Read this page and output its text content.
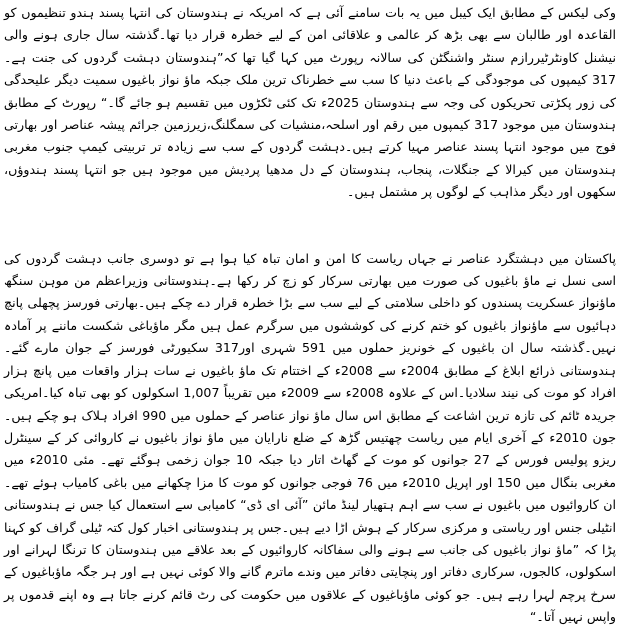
وکی لیکس کے مطابق ایک کیبل میں یہ بات سامنے آئی ہے کہ امریکہ نے ہندوستان کی انتہا پسند ہندو تنظیموں کو القاعدہ اور طالبان سے بھی بڑھ کر عالمی و علاقائی امن کے لیے خطرہ قرار دیا تھا۔گذشتہ سال جاری ہونے والی نیشنل کاونٹرٹیررازم سنٹر واشنگٹن کی سالانہ رپورٹ میں کہا گیا تھا کہ”ہندوستان دہشت گردوں کی جنت ہے۔ 317 کیمپوں کی موجودگی کے باعث دنیا کا سب سے خطرناک ترین ملک جبکہ ماؤ نواز باغیوں سمیت دیگر علیحدگی کی زور پکڑتی تحریکوں کی وجہ سے ہندوستان 2025ء تک کئی ٹکڑوں میں تقسیم ہو جائے گا۔“ رپورٹ کے مطابق ہندوستان میں موجود 317 کیمپوں میں رقم اور اسلحہ،منشیات کی سمگلنگ،زیرزمین جرائم پیشہ عناصر اور بھارتی فوج میں موجود انتہا پسند عناصر مہیا کرتے ہیں۔دہشت گردوں کے سب سے زیادہ تر تربیتی کیمپ جنوب مغربی ہندوستان میں کیرالا کے جنگلات، پنجاب، ہندوستان کے دل مدھیا پردیش میں موجود ہیں جو انتہا پسند ہندوؤں، سکھوں اور دیگر مذاہب کے لوگوں پر مشتمل ہیں۔

پاکستان میں دہشتگرد عناصر نے جہاں ریاست کا امن و امان تباہ کیا ہوا ہے تو دوسری جانب دہشت گردوں کی اسی نسل نے ماؤ باغیوں کی صورت میں بھارتی سرکار کو زچ کر رکھا ہے۔ہندوستانی وزیراعظم من موہن سنگھ ماؤنواز عسکریت پسندوں کو داخلی سلامتی کے لیے سب سے بڑا خطرہ قرار دے چکے ہیں۔بھارتی فورسز پچھلی پانچ دہائیوں سے ماؤنواز باغیوں کو ختم کرنے کی کوششوں میں سرگرم عمل ہیں مگر ماؤباغی شکست ماننے پر آمادہ نہیں۔گذشتہ سال ان باغیوں کے خونریز حملوں میں 591 شہری اور317 سکیورٹی فورسز کے جوان مارے گئے۔ ہندوستانی ذرائع ابلاغ کے مطابق 2004ء سے 2008ء کے اختتام تک ماؤ باغیوں نے سات ہزار واقعات میں پانچ ہزار افراد کو موت کی نیند سلادیا۔اس کے علاوہ 2008ء سے 2009ء میں تقریباً 1,007 اسکولوں کو بھی تباہ کیا۔امریکی جریدہ ٹائم کی تازہ ترین اشاعت کے مطابق اس سال ماؤ نواز عناصر کے حملوں میں 990 افراد ہلاک ہو چکے ہیں۔ جون 2010ء کے آخری ایام میں ریاست چھتیس گڑھ کے ضلع نارایان میں ماؤ نواز باغیوں نے کاروائی کر کے سینٹرل ریزو پولیس فورس کے 27 جوانوں کو موت کے گھاٹ اتار دیا جبکہ 10 جوان زخمی ہوگئے تھے۔ مئی 2010ء میں مغربی بنگال میں 150 اور اپریل 2010ء میں 76 فوجی جوانوں کو موت کا مزا چکھانے میں باغی کامیاب ہوئے تھے۔ ان کاروائیوں میں باغیوں نے سب سے اہم ہتھیار لینڈ مائن ”آئی ای ڈی“ کامیابی سے استعمال کیا جس نے ہندوستانی انٹیلی جنس اور ریاستی و مرکزی سرکار کے ہوش اڑا دیے ہیں۔جس پر ہندوستانی اخبار کول کتہ ٹیلی گراف کو کہنا پڑا کہ ”ماؤ نواز باغیوں کی جانب سے ہونے والی سفاکانہ کاروائیوں کے بعد علاقے میں ہندوستان کا ترنگا لہرانے اور اسکولوں، کالجوں، سرکاری دفاتر اور پنچایتی دفاتر میں وندے ماترم گانے والا کوئی نہیں ہے اور ہر جگہ ماؤباغیوں کے سرخ پرچم لہرا رہے ہیں۔ جو کوئی ماؤباغیوں کے علاقوں میں حکومت کی رٹ قائم کرنے جاتا ہے وہ اپنے قدموں پر واپس نہیں آتا۔“
